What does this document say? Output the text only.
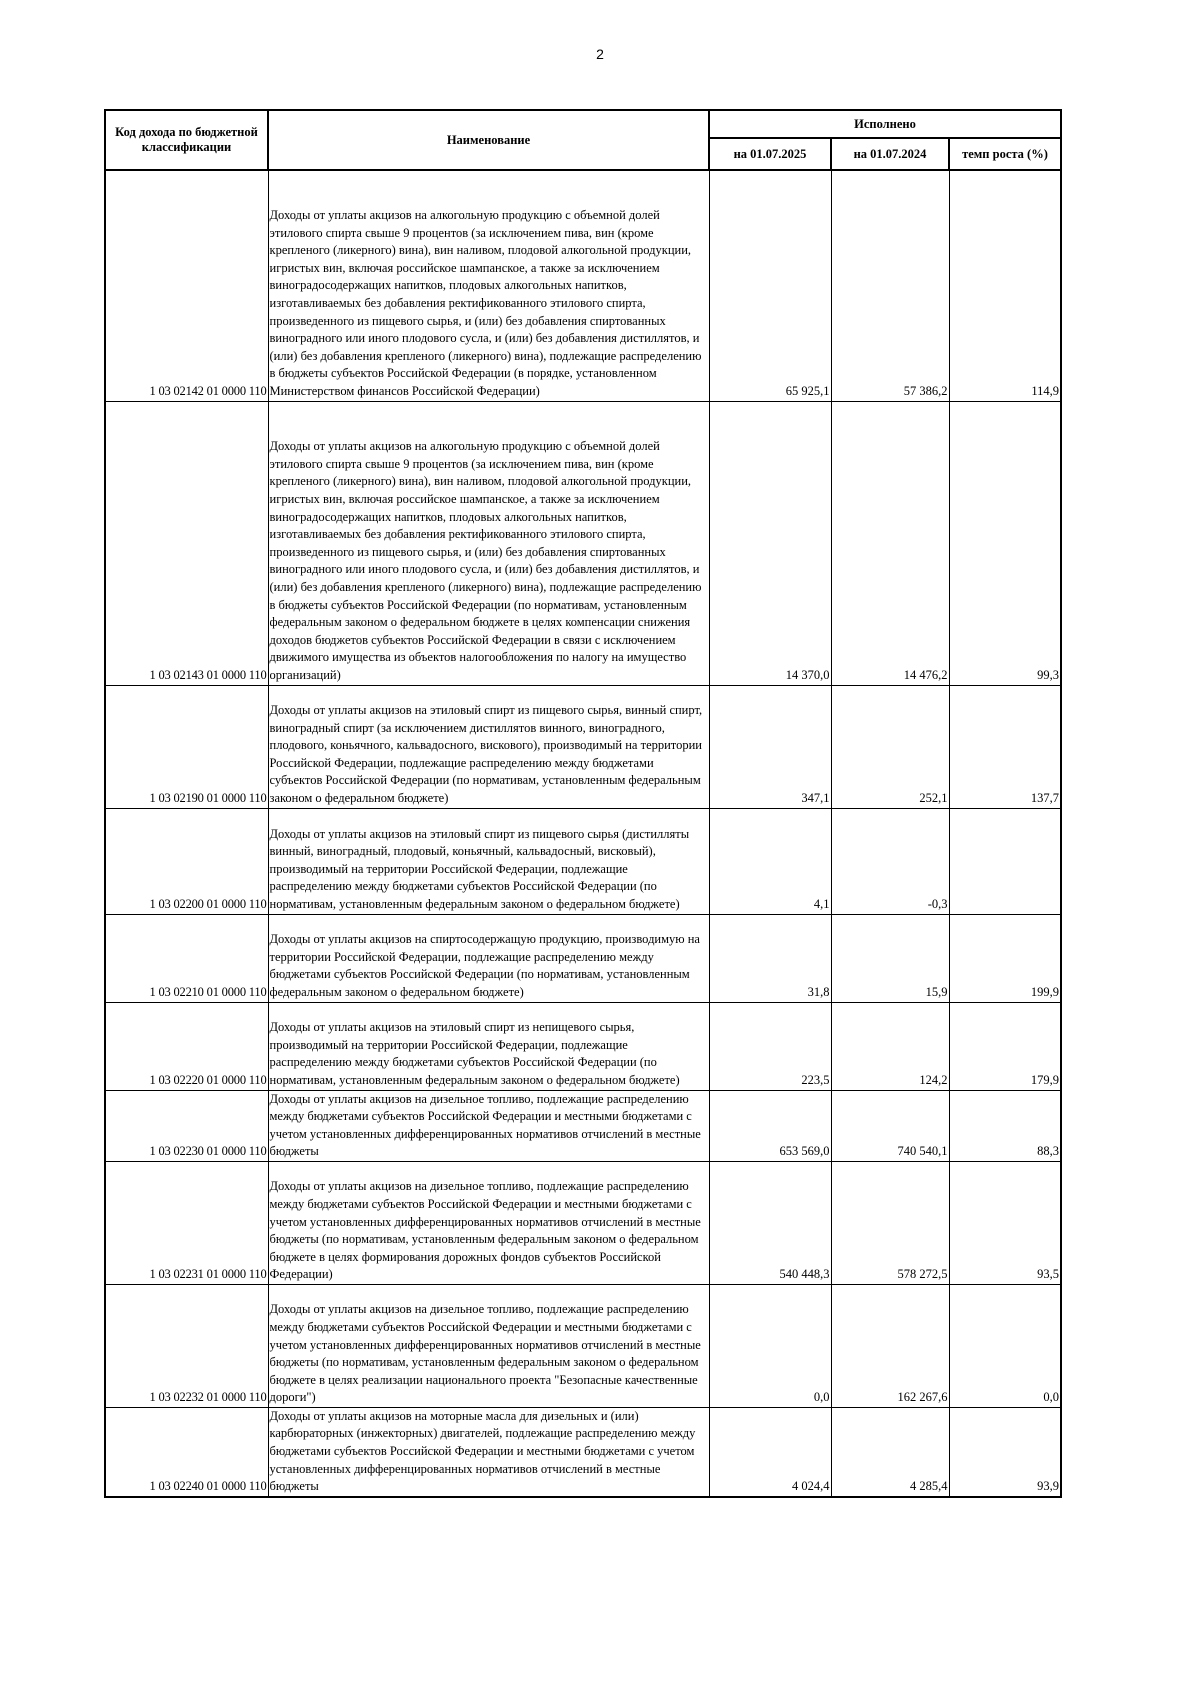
2
Код дохода по бюджетной классификации	Наименование	Исполнено		
		на 01.07.2025	на 01.07.2024	темп роста (%)
1 03 02142 01 0000 110	Доходы от уплаты акцизов на алкогольную продукцию с объемной долей этилового спирта свыше 9 процентов (за исключением пива, вин (кроме крепленого (ликерного) вина), вин наливом, плодовой алкогольной продукции, игристых вин, включая российское шампанское, а также за исключением виноградосодержащих напитков, плодовых алкогольных напитков, изготавливаемых без добавления ректификованного этилового спирта, произведенного из пищевого сырья, и (или) без добавления спиртованных виноградного или иного плодового сусла, и (или) без добавления дистиллятов, и (или) без добавления крепленого (ликерного) вина), подлежащие распределению в бюджеты субъектов Российской Федерации (в порядке, установленном Министерством финансов Российской Федерации)	65 925,1	57 386,2	114,9
1 03 02143 01 0000 110	Доходы от уплаты акцизов на алкогольную продукцию с объемной долей этилового спирта свыше 9 процентов (за исключением пива, вин (кроме крепленого (ликерного) вина), вин наливом, плодовой алкогольной продукции, игристых вин, включая российское шампанское, а также за исключением виноградосодержащих напитков, плодовых алкогольных напитков, изготавливаемых без добавления ректификованного этилового спирта, произведенного из пищевого сырья, и (или) без добавления спиртованных виноградного или иного плодового сусла, и (или) без добавления дистиллятов, и (или) без добавления крепленого (ликерного) вина), подлежащие распределению в бюджеты субъектов Российской Федерации (по нормативам, установленным федеральным законом о федеральном бюджете в целях компенсации снижения доходов бюджетов субъектов Российской Федерации в связи с исключением движимого имущества из объектов налогообложения по налогу на имущество организаций)	14 370,0	14 476,2	99,3
1 03 02190 01 0000 110	Доходы от уплаты акцизов на этиловый спирт из пищевого сырья, винный спирт, виноградный спирт (за исключением дистиллятов винного, виноградного, плодового, коньячного, кальвадосного, вискового), производимый на территории Российской Федерации, подлежащие распределению между бюджетами субъектов Российской Федерации (по нормативам, установленным федеральным законом о федеральном бюджете)	347,1	252,1	137,7
1 03 02200 01 0000 110	Доходы от уплаты акцизов на этиловый спирт из пищевого сырья (дистилляты винный, виноградный, плодовый, коньячный, кальвадосный, висковый), производимый на территории Российской Федерации, подлежащие распределению между бюджетами субъектов Российской Федерации (по нормативам, установленным федеральным законом о федеральном бюджете)	4,1	-0,3	
1 03 02210 01 0000 110	Доходы от уплаты акцизов на спиртосодержащую продукцию, производимую на территории Российской Федерации, подлежащие распределению между бюджетами субъектов Российской Федерации (по нормативам, установленным федеральным законом о федеральном бюджете)	31,8	15,9	199,9
1 03 02220 01 0000 110	Доходы от уплаты акцизов на этиловый спирт из непищевого сырья, производимый на территории Российской Федерации, подлежащие распределению между бюджетами субъектов Российской Федерации (по нормативам, установленным федеральным законом о федеральном бюджете)	223,5	124,2	179,9
1 03 02230 01 0000 110	Доходы от уплаты акцизов на дизельное топливо, подлежащие распределению между бюджетами субъектов Российской Федерации и местными бюджетами с учетом установленных дифференцированных нормативов отчислений в местные бюджеты	653 569,0	740 540,1	88,3
1 03 02231 01 0000 110	Доходы от уплаты акцизов на дизельное топливо, подлежащие распределению между бюджетами субъектов Российской Федерации и местными бюджетами с учетом установленных дифференцированных нормативов отчислений в местные бюджеты (по нормативам, установленным федеральным законом о федеральном бюджете в целях формирования дорожных фондов субъектов Российской Федерации)	540 448,3	578 272,5	93,5
1 03 02232 01 0000 110	Доходы от уплаты акцизов на дизельное топливо, подлежащие распределению между бюджетами субъектов Российской Федерации и местными бюджетами с учетом установленных дифференцированных нормативов отчислений в местные бюджеты (по нормативам, установленным федеральным законом о федеральном бюджете в целях реализации национального проекта "Безопасные качественные дороги")	0,0	162 267,6	0,0
1 03 02240 01 0000 110	Доходы от уплаты акцизов на моторные масла для дизельных и (или) карбюраторных (инжекторных) двигателей, подлежащие распределению между бюджетами субъектов Российской Федерации и местными бюджетами с учетом установленных дифференцированных нормативов отчислений в местные бюджеты	4 024,4	4 285,4	93,9
